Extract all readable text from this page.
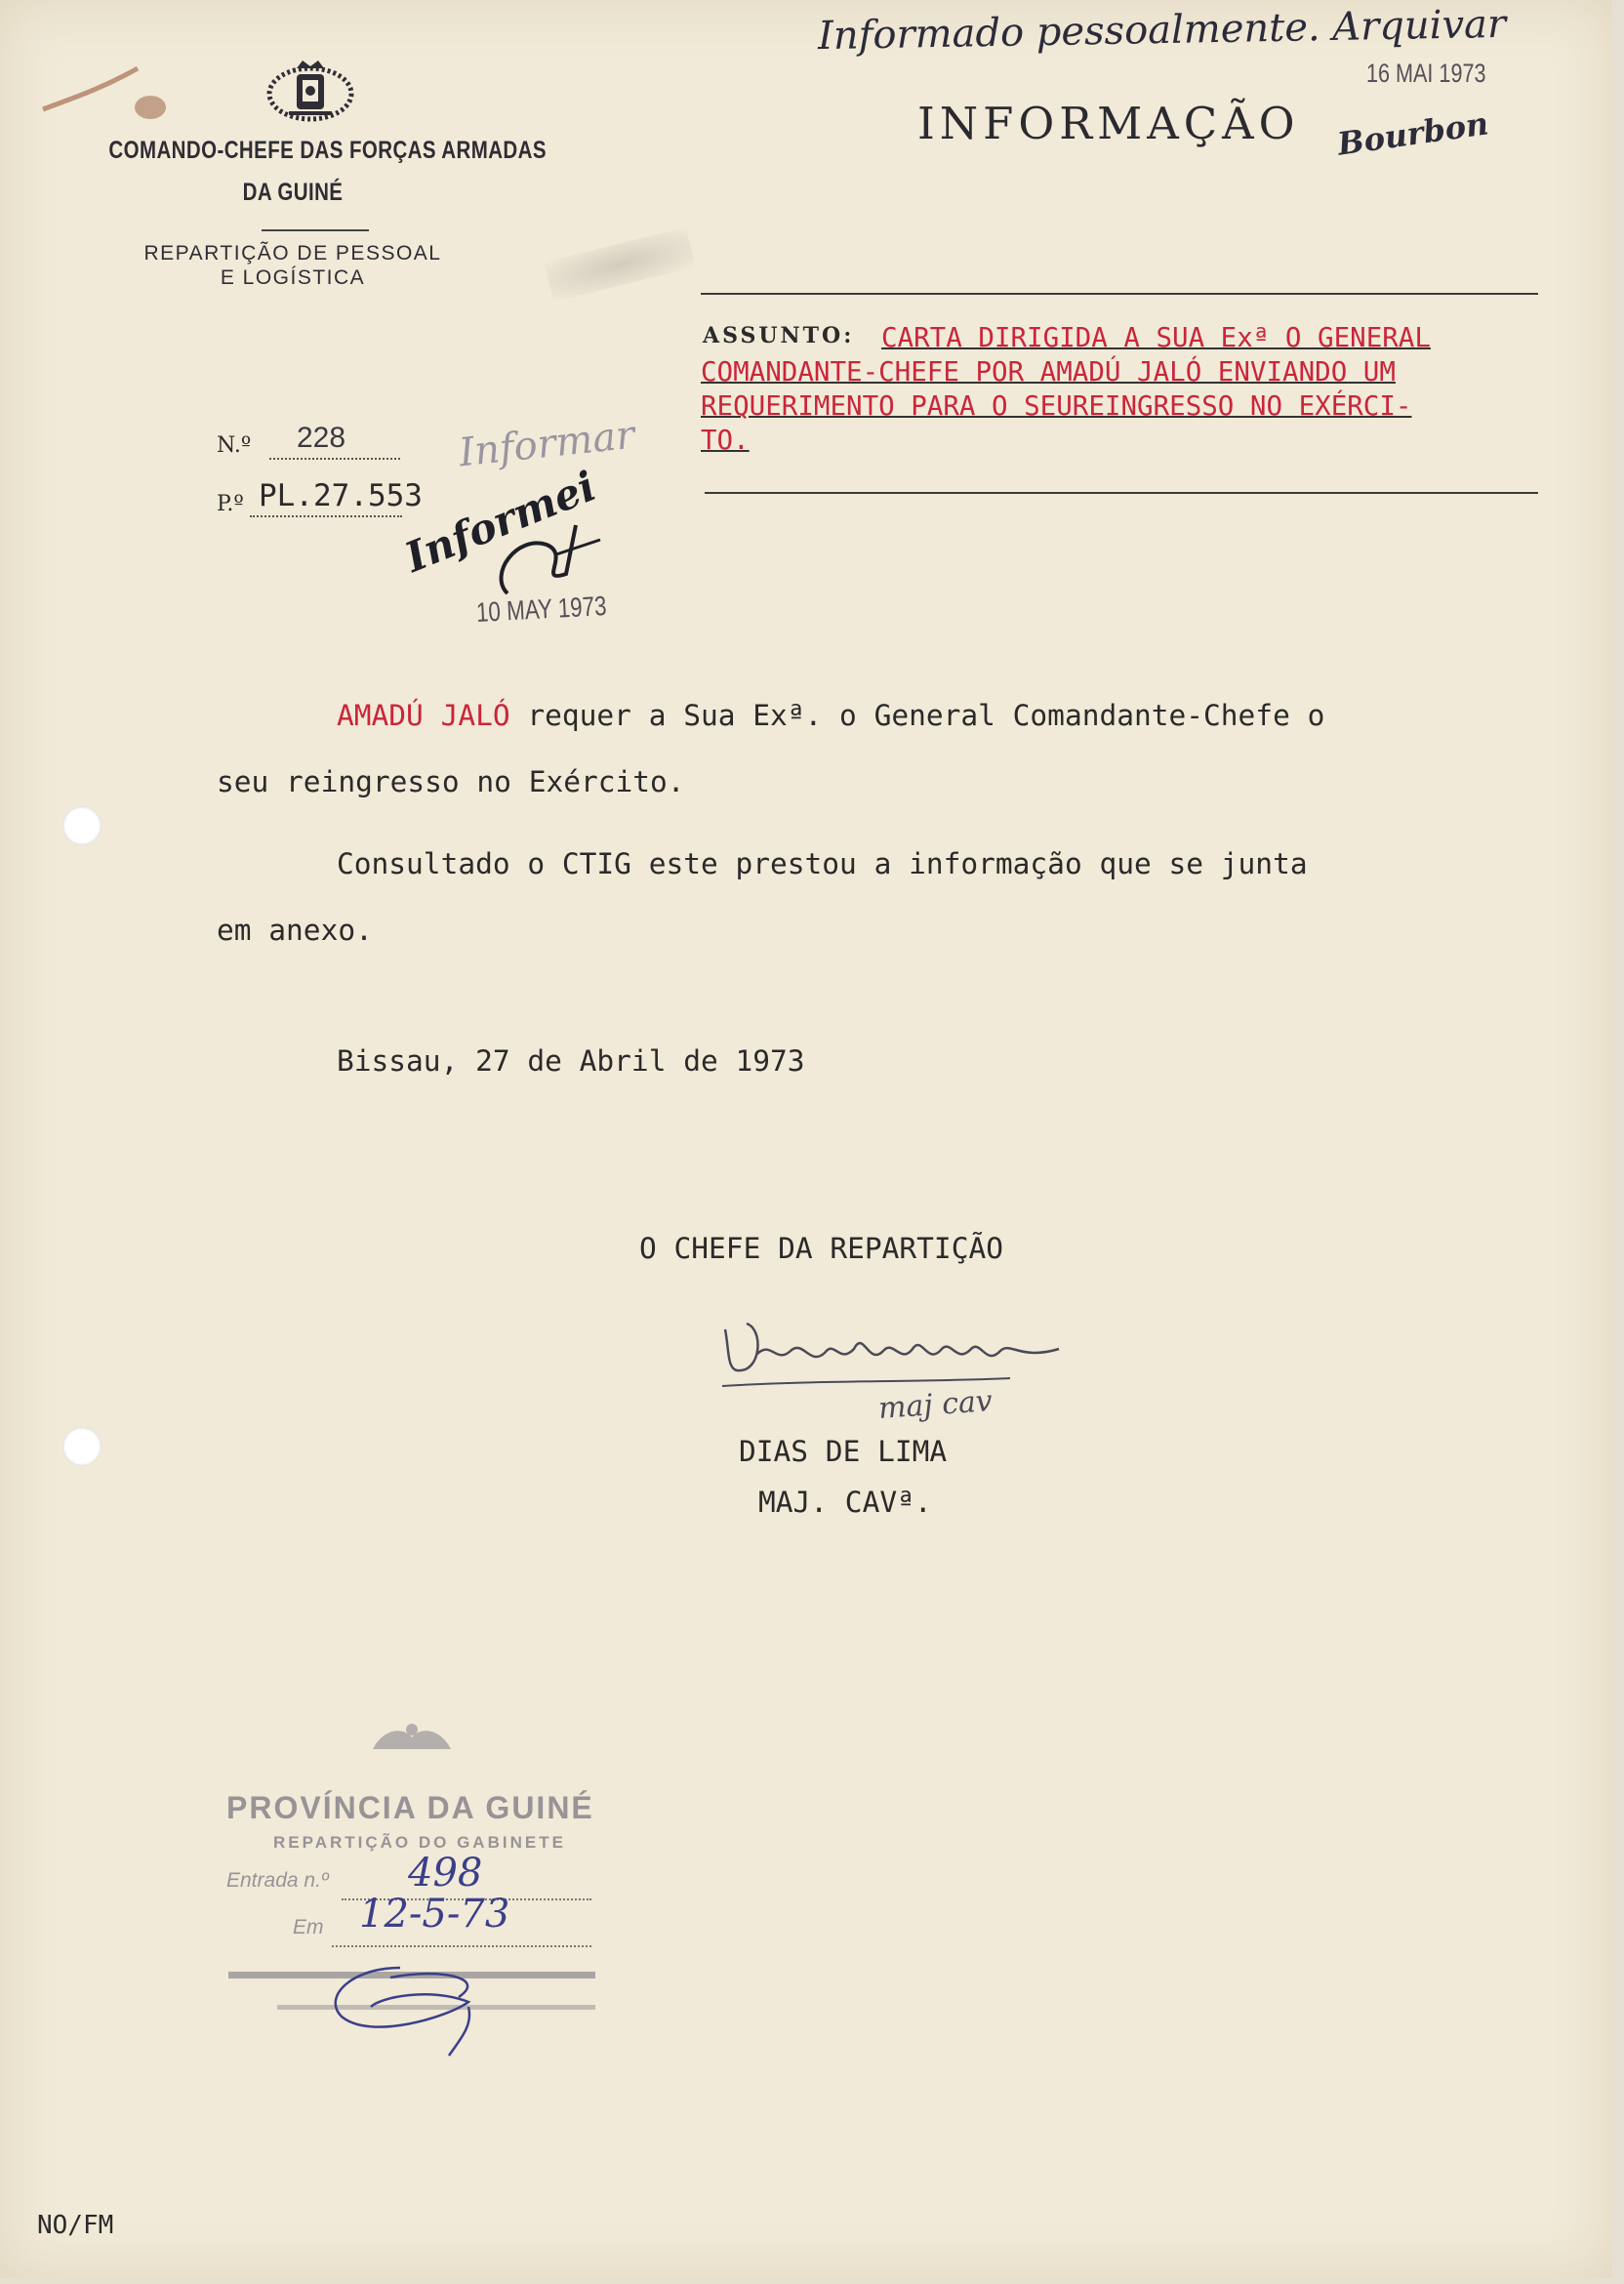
COMANDO-CHEFE DAS FORÇAS ARMADAS
DA GUINÉ
REPARTIÇÃO DE PESSOAL
E LOGÍSTICA
INFORMAÇÃO
Informado pessoalmente. Arquivar
16 MAI 1973
Bourbon
ASSUNTO: CARTA DIRIGIDA A SUA Exª O GENERAL
COMANDANTE-CHEFE POR AMADÚ JALÓ ENVIANDO UM
REQUERIMENTO PARA O SEUREINGRESSO NO EXÉRCI-
TO.
N.º 228
P.º PL.27.553
Informar
Informei
10 MAY 1973
AMADÚ JALÓ requer a Sua Exª. o General Comandante-Chefe o
seu reingresso no Exército.
Consultado o CTIG este prestou a informação que se junta
em anexo.
Bissau, 27 de Abril de 1973
O CHEFE DA REPARTIÇÃO
maj cav
DIAS DE LIMA
MAJ. CAVª.
PROVÍNCIA DA GUINÉ
REPARTIÇÃO DO GABINETE
Entrada n.º 498
Em 12-5-73
NO/FM
